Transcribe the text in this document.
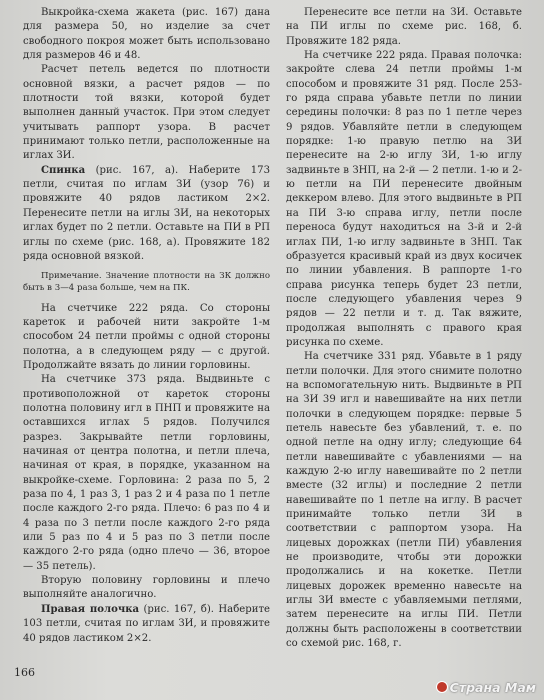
Выкройка-схема жакета (рис. 167) дана для размера 50, но изделие за счет свободного покроя может быть использовано для размеров 46 и 48.

Расчет петель ведется по плотности основной вязки, а расчет рядов — по плотности той вязки, которой будет выполнен данный участок. При этом следует учитывать раппорт узора. В расчет принимают только петли, расположенные на иглах ЗИ.

Спинка (рис. 167, а). Наберите 173 петли, считая по иглам ЗИ (узор 76) и провяжите 40 рядов ластиком 2×2. Перенесите петли на иглы ЗИ, на некоторых иглах будет по 2 петли. Оставьте на ПИ в РП иглы по схеме (рис. 168, а). Провяжите 182 ряда основной вязкой.

Примечание. Значение плотности на ЗК должно быть в 3—4 раза больше, чем на ПК.

На счетчике 222 ряда. Со стороны кареток и рабочей нити закройте 1-м способом 24 петли проймы с одной стороны полотна, а в следующем ряду — с другой. Продолжайте вязать до линии горловины.

На счетчике 373 ряда. Выдвиньте с противоположной от кареток стороны полотна половину игл в ПНП и провяжите на оставшихся иглах 5 рядов. Получился разрез. Закрывайте петли горловины, начиная от центра полотна, и петли плеча, начиная от края, в порядке, указанном на выкройке-схеме. Горловина: 2 раза по 5, 2 раза по 4, 1 раз 3, 1 раз 2 и 4 раза по 1 петле после каждого 2-го ряда. Плечо: 6 раз по 4 и 4 раза по 3 петли после каждого 2-го ряда или 5 раз по 4 и 5 раз по 3 петли после каждого 2-го ряда (одно плечо — 36, второе — 35 петель).

Вторую половину горловины и плечо выполняйте аналогично.

Правая полочка (рис. 167, б). Наберите 103 петли, считая по иглам ЗИ, и провяжите 40 рядов ластиком 2×2.

Перенесите все петли на ЗИ. Оставьте на ПИ иглы по схеме рис. 168, б. Провяжите 182 ряда.

На счетчике 222 ряда. Правая полочка: закройте слева 24 петли проймы 1-м способом и провяжите 31 ряд. После 253-го ряда справа убавьте петли по линии середины полочки: 8 раз по 1 петле через 9 рядов. Убавляйте петли в следующем порядке: 1-ю правую петлю на ЗИ перенесите на 2-ю иглу ЗИ, 1-ю иглу задвиньте в ЗНП, на 2-й — 2 петли. 1-ю и 2-ю петли на ПИ перенесите двойным деккером влево. Для этого выдвиньте в РП на ПИ 3-ю справа иглу, петли после переноса будут находиться на 3-й и 2-й иглах ПИ, 1-ю иглу задвиньте в ЗНП. Так образуется красивый край из двух косичек по линии убавления. В раппорте 1-го справа рисунка теперь будет 23 петли, после следующего убавления через 9 рядов — 22 петли и т. д. Так вяжите, продолжая выполнять с правого края рисунка по схеме.

На счетчике 331 ряд. Убавьте в 1 ряду петли полочки. Для этого снимите полотно на вспомогательную нить. Выдвиньте в РП на ЗИ 39 игл и навешивайте на них петли полочки в следующем порядке: первые 5 петель навесьте без убавлений, т. е. по одной петле на одну иглу; следующие 64 петли навешивайте с убавлениями — на каждую 2-ю иглу навешивайте по 2 петли вместе (32 иглы) и последние 2 петли навешивайте по 1 петле на иглу. В расчет принимайте только петли ЗИ в соответствии с раппортом узора. На лицевых дорожках (петли ПИ) убавления не производите, чтобы эти дорожки продолжались и на кокетке. Петли лицевых дорожек временно навесьте на иглы ЗИ вместе с убавляемыми петлями, затем перенесите на иглы ПИ. Петли должны быть расположены в соответствии со схемой рис. 168, г.

166
Страна Мам
